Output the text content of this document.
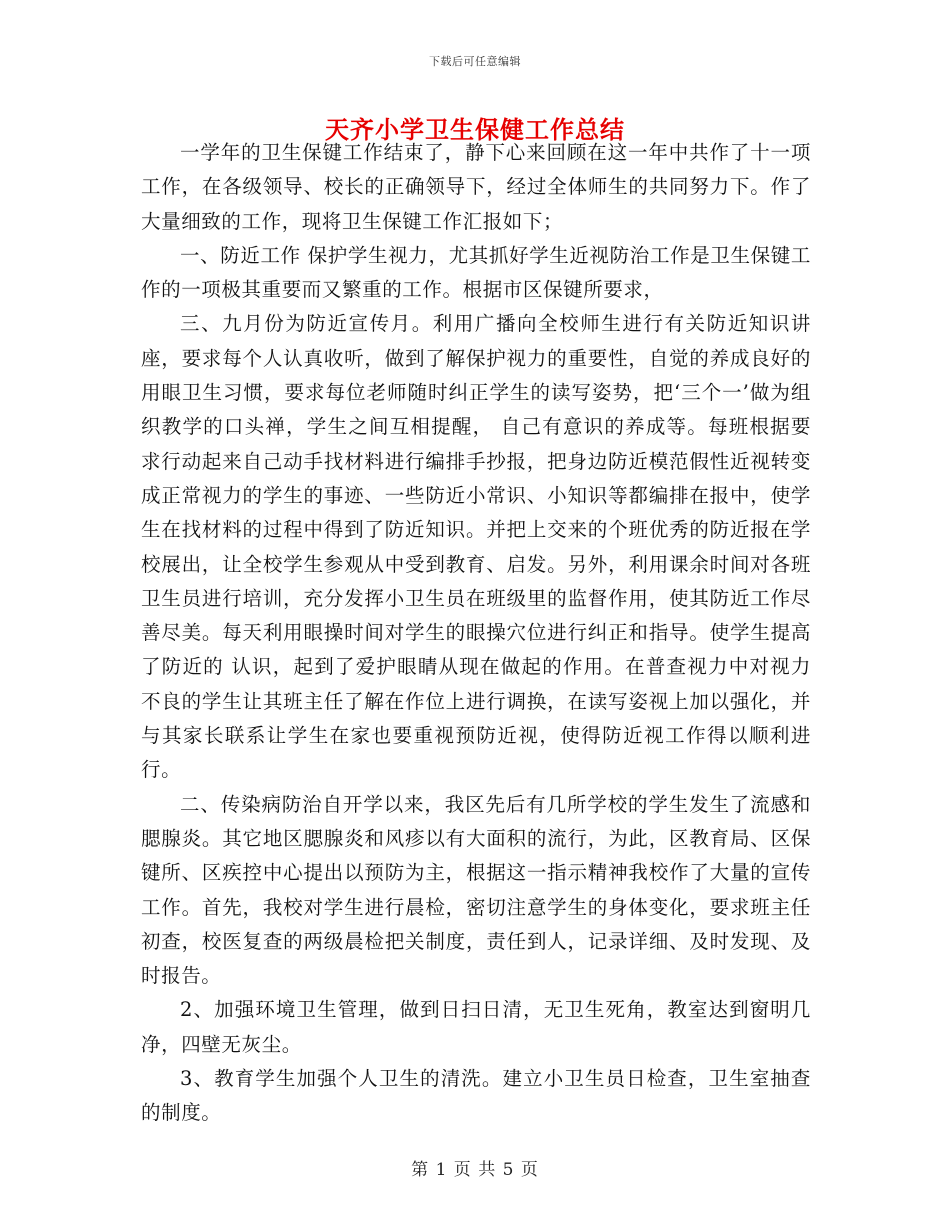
下载后可任意编辑
天齐小学卫生保健工作总结

一学年的卫生保键工作结束了，静下心来回顾在这一年中共作了十一项工作，在各级领导、校长的正确领导下，经过全体师生的共同努力下。作了大量细致的工作，现将卫生保键工作汇报如下；

一、防近工作 保护学生视力，尤其抓好学生近视防治工作是卫生保键工作的一项极其重要而又繁重的工作。根据市区保键所要求，

三、九月份为防近宣传月。利用广播向全校师生进行有关防近知识讲座，要求每个人认真收听，做到了解保护视力的重要性，自觉的养成良好的用眼卫生习惯，要求每位老师随时纠正学生的读写姿势，把‘三个一’做为组织教学的口头禅，学生之间互相提醒， 自己有意识的养成等。每班根据要求行动起来自己动手找材料进行编排手抄报，把身边防近模范假性近视转变成正常视力的学生的事迹、一些防近小常识、小知识等都编排在报中，使学生在找材料的过程中得到了防近知识。并把上交来的个班优秀的防近报在学校展出，让全校学生参观从中受到教育、启发。另外，利用课余时间对各班卫生员进行培训，充分发挥小卫生员在班级里的监督作用，使其防近工作尽善尽美。每天利用眼操时间对学生的眼操穴位进行纠正和指导。使学生提高了防近的 认识，起到了爱护眼睛从现在做起的作用。在普查视力中对视力不良的学生让其班主任了解在作位上进行调换，在读写姿视上加以强化，并与其家长联系让学生在家也要重视预防近视，使得防近视工作得以顺利进行。

二、传染病防治自开学以来，我区先后有几所学校的学生发生了流感和腮腺炎。其它地区腮腺炎和风疹以有大面积的流行，为此，区教育局、区保键所、区疾控中心提出以预防为主，根据这一指示精神我校作了大量的宣传工作。首先，我校对学生进行晨检，密切注意学生的身体变化，要求班主任初查，校医复查的两级晨检把关制度，责任到人，记录详细、及时发现、及时报告。

2、加强环境卫生管理，做到日扫日清，无卫生死角，教室达到窗明几净，四壁无灰尘。

3、教育学生加强个人卫生的清洗。建立小卫生员日检查，卫生室抽查的制度。

第 1 页 共 5 页
